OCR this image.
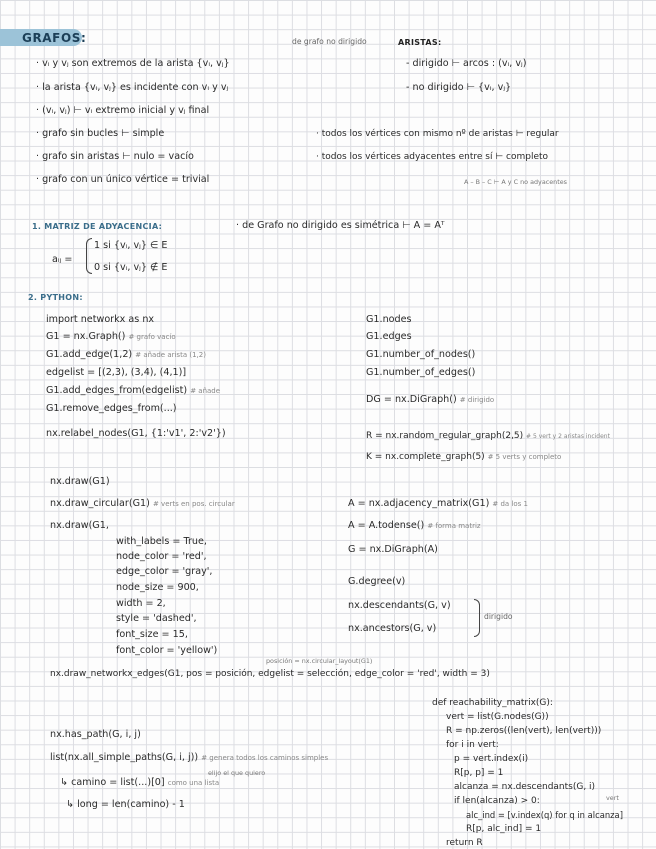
GRAFOS:	de grafo no dirigido	ARISTAS:
· vᵢ y vⱼ son extremos de la arista {vᵢ, vⱼ}
· la arista {vᵢ, vⱼ} es incidente con vᵢ y vⱼ
· (vᵢ, vⱼ) ⊢ vᵢ extremo inicial y vⱼ final
· grafo sin bucles ⊢ simple
· grafo sin aristas ⊢ nulo = vacío
· grafo con un único vértice = trivial
- dirigido ⊢ arcos : (vᵢ, vⱼ)
- no dirigido ⊢ {vᵢ, vⱼ}
· todos los vértices con mismo nº de aristas ⊢ regular
· todos los vértices adyacentes entre sí ⊢ completo
A – B – C ⊢ A y C no adyacentes
1. MATRIZ DE ADYACENCIA:	· de Grafo no dirigido es simétrica ⊢ A = Aᵀ
aᵢⱼ =
1 si {vᵢ, vⱼ} ∈ E
0 si {vᵢ, vⱼ} ∉ E
2. PYTHON:
import networkx as nx
G1 = nx.Graph() # grafo vacío
G1.add_edge(1,2) # añade arista (1,2)
edgelist = [(2,3), (3,4), (4,1)]
G1.add_edges_from(edgelist) # añade
G1.remove_edges_from(...)
nx.relabel_nodes(G1, {1:'v1', 2:'v2'})
G1.nodes
G1.edges
G1.number_of_nodes()
G1.number_of_edges()
DG = nx.DiGraph() # dirigido
R = nx.random_regular_graph(2,5) # 5 vert y 2 aristas incident
K = nx.complete_graph(5) # 5 verts y completo
nx.draw(G1)
nx.draw_circular(G1) # verts en pos. circular
nx.draw(G1,
with_labels = True,
node_color = 'red',
edge_color = 'gray',
node_size = 900,
width = 2,
style = 'dashed',
font_size = 15,
font_color = 'yellow')
A = nx.adjacency_matrix(G1) # da los 1
A = A.todense() # forma matriz
G = nx.DiGraph(A)
G.degree(v)
nx.descendants(G, v)
nx.ancestors(G, v)
dirigido
posición = nx.circular_layout(G1)
nx.draw_networkx_edges(G1, pos = posición, edgelist = selección, edge_color = 'red', width = 3)
nx.has_path(G, i, j)
list(nx.all_simple_paths(G, i, j)) # genera todos los caminos simples
elijo el que quiero
↳ camino = list(...)[0] como una lista
↳ long = len(camino) - 1
def reachability_matrix(G):
vert = list(G.nodes(G))
R = np.zeros((len(vert), len(vert)))
for i in vert:
p = vert.index(i)
R[p, p] = 1
alcanza = nx.descendants(G, i)
if len(alcanza) > 0:	vert
alc_ind = [v.index(q) for q in alcanza]
R[p, alc_ind] = 1
return R
